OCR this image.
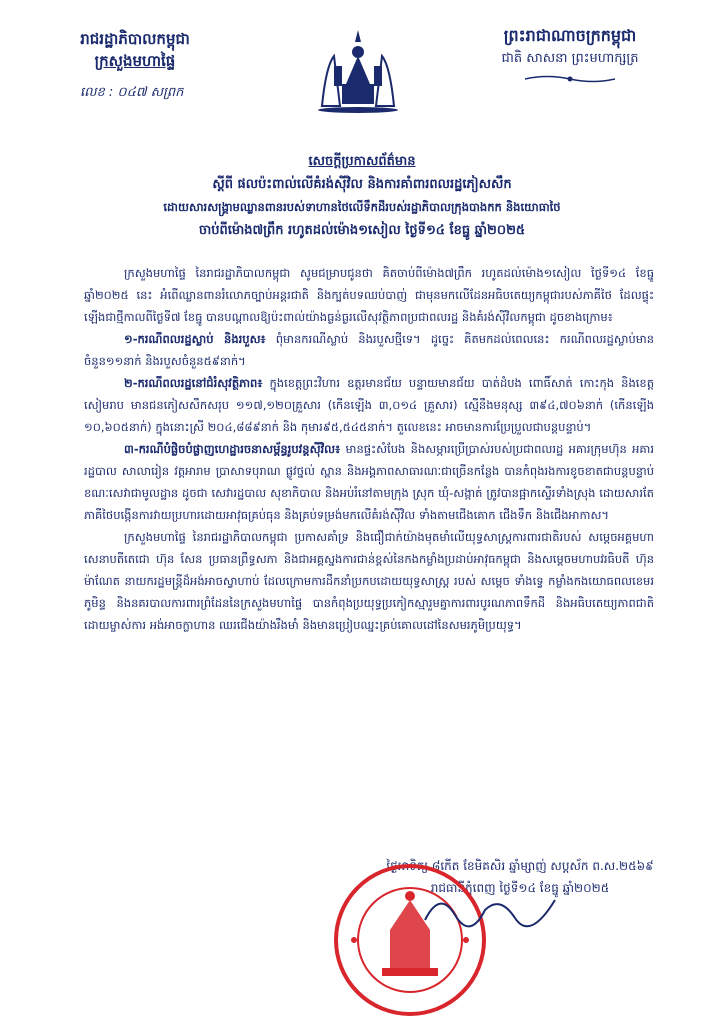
រាជរដ្ឋាភិបាលកម្ពុជា
ក្រសួងមហាផ្ទៃ
លេខ : ០៤៧ សព្រក
ព្រះរាជាណាចក្រកម្ពុជា
ជាតិ សាសនា ព្រះមហាក្សត្រ
សេចក្តីប្រកាសព័ត៌មាន
ស្តីពី ផលប៉ះពាល់លើគំរង់ស៊ីវិល និងការគាំពារពលរដ្ឋភៀសសឹក
ដោយសារសង្គ្រាមឈ្លានពានរបស់ទាហានថៃលើទឹកដីរបស់រដ្ឋាភិបាលក្រុងបាងកក និងយោធាថៃ
ចាប់ពីម៉ោង៧ព្រឹក រហូតដល់ម៉ោង១សៀល ថ្ងៃទី១៤ ខែធ្នូ ឆ្នាំ២០២៥

ក្រសួងមហាផ្ទៃ នៃរាជរដ្ឋាភិបាលកម្ពុជា សូមជម្រាបជូនថា គិតចាប់ពីម៉ោង៧ព្រឹក រហូតដល់ម៉ោង១សៀល ថ្ងៃទី១៤ ខែធ្នូ ឆ្នាំ២០២៥ នេះ អំពើឈ្លានពានរំលោភច្បាប់អន្តរជាតិ និងក្បត់បទឈប់បាញ់ ជាមុនមកលើដែនអធិបតេយ្យកម្ពុជារបស់ភាគីថៃ ដែលផ្ទុះឡើងជាថ្មីកាលពីថ្ងៃទី៧ ខែធ្នូ បានបណ្តាលឱ្យប៉ះពាល់យ៉ាងធ្ងន់ធ្ងរលើសុវត្ថិភាពប្រជាពលរដ្ឋ និងគំរង់ស៊ីវិលកម្ពុជា ដូចខាងក្រោម៖

១-ករណីពលរដ្ឋស្លាប់ និងរបួស៖ ពុំមានករណីស្លាប់ និងរបួសថ្មីទេ។ ដូច្នេះ គិតមកដល់ពេលនេះ ករណីពលរដ្ឋស្លាប់មានចំនួន១១នាក់ និងរបួសចំនួន៥៩នាក់។

២-ករណីពលរដ្ឋនៅជំរំសុវត្ថិភាព៖ ក្នុងខេត្តព្រះវិហារ ឧត្តរមានជ័យ បន្ទាយមានជ័យ បាត់ដំបង ពោធិ៍សាត់ កោះកុង និងខេត្តសៀមរាប មានជនភៀសសឹកសរុប ១១៧,១២០គ្រួសារ (កើនឡើង ៣,០១៤ គ្រួសារ) ស្មើនឹងមនុស្ស ៣៩៤,៧០៦នាក់ (កើនឡើង ១០,៦០៥នាក់) ក្នុងនោះស្រី ២០៤,៨៨៩នាក់ និង កុមារ៩៥,៥៤៥នាក់។ តួលេខនេះ អាចមានការប្រែប្រួលជាបន្តបន្ទាប់។

៣-ករណីបំផ្លិចបំផ្លាញហេដ្ឋារចនាសម្ព័ន្ធរូបវន្តស៊ីវិល៖ មានផ្ទះសំបែង និងសម្ភារប្រើប្រាស់របស់ប្រជាពលរដ្ឋ អគារក្រុមហ៊ុន អគាររដ្ឋបាល សាលារៀន វត្តអារាម ប្រាសាទបុរាណ ផ្លូវថ្នល់ ស្ពាន និងអង្គភាពសាធារណៈជាច្រើនកន្លែង បានកំពុងរងការខូចខាតជាបន្តបន្ទាប់ ខណៈសេវាជាមូលដ្ឋាន ដូចជា សេវារដ្ឋបាល សុខាភិបាល និងអប់រំនៅតាមក្រុង ស្រុក ឃុំ-សង្កាត់ ត្រូវបានផ្អាកស្ទើរទាំងស្រុង ដោយសារតែភាគីថៃបង្កើនការវាយប្រហារដោយអាវុធគ្រប់ធុន និងគ្រប់ទម្រង់មកលើគំរង់ស៊ីវិល ទាំងតាមជើងគោក ជើងទឹក និងជើងអាកាស។

ក្រសួងមហាផ្ទៃ នៃរាជរដ្ឋាភិបាលកម្ពុជា ប្រកាសគាំទ្រ និងជឿជាក់យ៉ាងមុតមាំលើយុទ្ធសាស្ត្រការពារជាតិរបស់ សម្តេចអគ្គមហាសេនាបតីតេជោ ហ៊ុន សែន ប្រធានព្រឹទ្ធសភា និងជាអគ្គស្នងការជាន់ខ្ពស់នៃកងកម្លាំងប្រដាប់អាវុធកម្ពុជា និងសម្តេចមហាបវរធិបតី ហ៊ុន ម៉ាណែត នាយករដ្ឋមន្ត្រីដ៏អង់អាចស្វាហាប់ ដែលក្រោមការដឹកនាំប្រកបដោយយុទ្ធសាស្ត្រ របស់ សម្តេច ទាំងទ្វេ កម្លាំងកងយោធពលខេមរភូមិន្ទ និងនគរបាលការពារព្រំដែននៃក្រសួងមហាផ្ទៃ បានកំពុងប្រយុទ្ធប្រកៀកស្មារួមគ្នាការពារបូរណភាពទឹកដី និងអធិបតេយ្យភាពជាតិ ដោយម្ចាស់ការ អង់អាចក្លាហាន ឈរជើងយ៉ាងរឹងមាំ និងមានប្រៀបឈ្នះគ្រប់គោលដៅនៃសមរភូមិប្រយុទ្ធ។

ថ្ងៃអាទិត្យ ៨កើត ខែមិគសិរ ឆ្នាំម្សាញ់ សប្តស័ក ព.ស.២៥៦៩
រាជធានីភ្នំពេញ ថ្ងៃទី១៤ ខែធ្នូ ឆ្នាំ២០២៥
